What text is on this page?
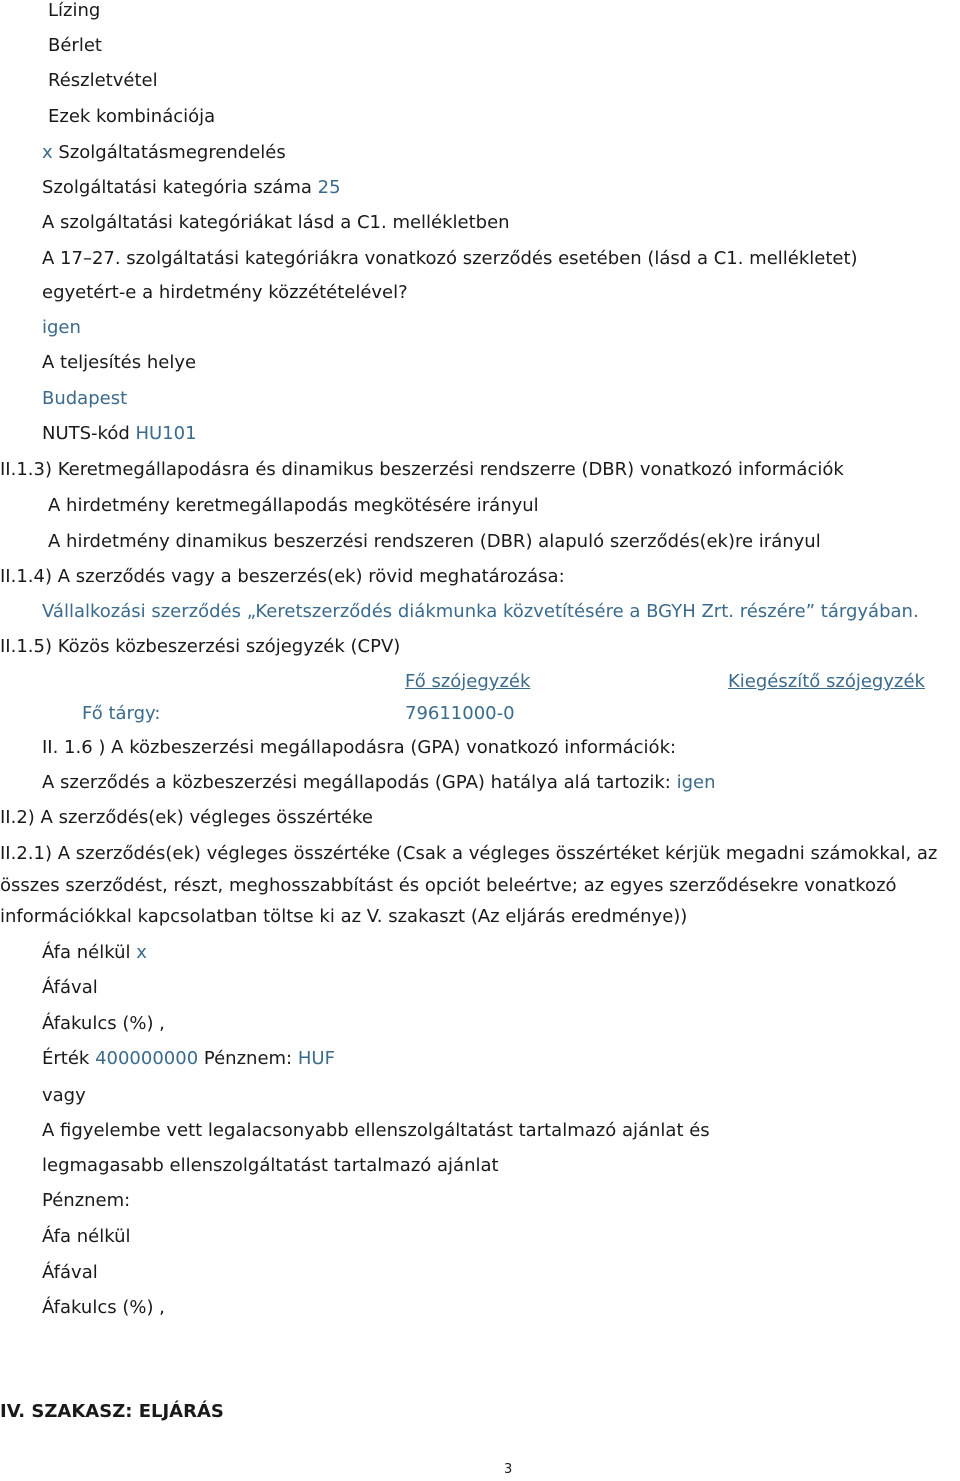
Lízing
Bérlet
Részletvétel
Ezek kombinációja
x Szolgáltatásmegrendelés
Szolgáltatási kategória száma 25
A szolgáltatási kategóriákat lásd a C1. mellékletben
A 17–27. szolgáltatási kategóriákra vonatkozó szerződés esetében (lásd a C1. mellékletet)
egyetért-e a hirdetmény közzétételével?
igen
A teljesítés helye
Budapest
NUTS-kód HU101
II.1.3) Keretmegállapodásra és dinamikus beszerzési rendszerre (DBR) vonatkozó információk
A hirdetmény keretmegállapodás megkötésére irányul
A hirdetmény dinamikus beszerzési rendszeren (DBR) alapuló szerződés(ek)re irányul
II.1.4) A szerződés vagy a beszerzés(ek) rövid meghatározása:
Vállalkozási szerződés „Keretszerződés diákmunka közvetítésére a BGYH Zrt. részére” tárgyában.
II.1.5) Közös közbeszerzési szójegyzék (CPV)
Fő szójegyzék	Kiegészítő szójegyzék
Fő tárgy:	79611000-0
II. 1.6 ) A közbeszerzési megállapodásra (GPA) vonatkozó információk:
A szerződés a közbeszerzési megállapodás (GPA) hatálya alá tartozik: igen
II.2) A szerződés(ek) végleges összértéke
II.2.1) A szerződés(ek) végleges összértéke (Csak a végleges összértéket kérjük megadni számokkal, az
összes szerződést, részt, meghosszabbítást és opciót beleértve; az egyes szerződésekre vonatkozó
információkkal kapcsolatban töltse ki az V. szakaszt (Az eljárás eredménye))
Áfa nélkül x
Áfával
Áfakulcs (%) ,
Érték 400000000 Pénznem: HUF
vagy
A figyelembe vett legalacsonyabb ellenszolgáltatást tartalmazó ajánlat és
legmagasabb ellenszolgáltatást tartalmazó ajánlat
Pénznem:
Áfa nélkül
Áfával
Áfakulcs (%) ,
IV. SZAKASZ: ELJÁRÁS
3
